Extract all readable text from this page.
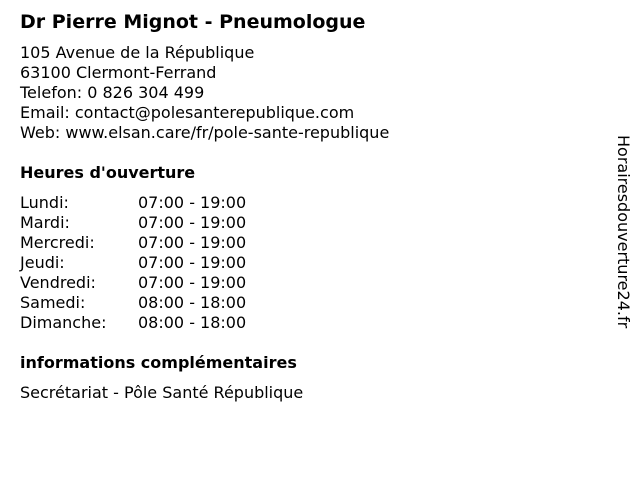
Dr Pierre Mignot - Pneumologue
105 Avenue de la République
63100 Clermont-Ferrand
Telefon: 0 826 304 499
Email: contact@polesanterepublique.com
Web: www.elsan.care/fr/pole-sante-republique
Heures d'ouverture
Lundi:	07:00 - 19:00
Mardi:	07:00 - 19:00
Mercredi:	07:00 - 19:00
Jeudi:	07:00 - 19:00
Vendredi:	07:00 - 19:00
Samedi:	08:00 - 18:00
Dimanche:	08:00 - 18:00
informations complémentaires
Secrétariat - Pôle Santé République
Horairesdouverture24.fr
